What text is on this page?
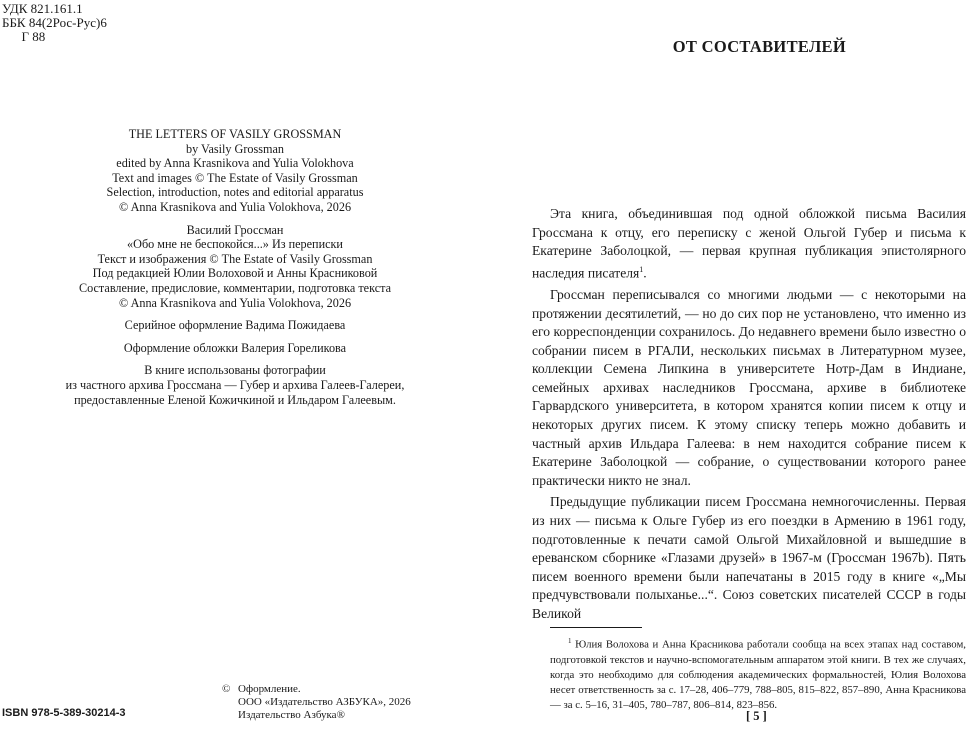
УДК 821.161.1
ББК 84(2Рос-Рус)6
Г 88
THE LETTERS OF VASILY GROSSMAN
by Vasily Grossman
edited by Anna Krasnikova and Yulia Volokhova
Text and images © The Estate of Vasily Grossman
Selection, introduction, notes and editorial apparatus
© Anna Krasnikova and Yulia Volokhova, 2026
Василий Гроссман
«Обо мне не беспокойся...» Из переписки
Текст и изображения © The Estate of Vasily Grossman
Под редакцией Юлии Волоховой и Анны Красниковой
Составление, предисловие, комментарии, подготовка текста
© Anna Krasnikova and Yulia Volokhova, 2026
Серийное оформление Вадима Пожидаева
Оформление обложки Валерия Гореликова
В книге использованы фотографии
из частного архива Гроссмана — Губер и архива Галеев-Галереи,
предоставленные Еленой Кожичкиной и Ильдаром Галеевым.
© Оформление.
ООО «Издательство АЗБУКА», 2026
Издательство Азбука®
ISBN 978-5-389-30214-3
ОТ СОСТАВИТЕЛЕЙ

Эта книга, объединившая под одной обложкой письма Василия Гроссмана к отцу, его переписку с женой Ольгой Губер и письма к Екатерине Заболоцкой, — первая крупная публикация эпистолярного наследия писателя$^1$.

Гроссман переписывался со многими людьми — с некоторыми на протяжении десятилетий, — но до сих пор не установлено, что именно из его корреспонденции сохранилось. До недавнего времени было известно о собрании писем в РГАЛИ, нескольких письмах в Литературном музее, коллекции Семена Липкина в университете Нотр-Дам в Индиане, семейных архивах наследников Гроссмана, архиве в библиотеке Гарвардского университета, в котором хранятся копии писем к отцу и некоторых других писем. К этому списку теперь можно добавить и частный архив Ильдара Галеева: в нем находится собрание писем к Екатерине Заболоцкой — собрание, о существовании которого ранее практически никто не знал.

Предыдущие публикации писем Гроссмана немногочисленны. Первая из них — письма к Ольге Губер из его поездки в Армению в 1961 году, подготовленные к печати самой Ольгой Михайловной и вышедшие в ереванском сборнике «Глазами друзей» в 1967-м (Гроссман 1967b). Пять писем военного времени были напечатаны в 2015 году в книге «„Мы предчувствовали полыханье...“. Союз советских писателей СССР в годы Великой

$^1$ Юлия Волохова и Анна Красникова работали сообща на всех этапах над составом, подготовкой текстов и научно-вспомогательным аппаратом этой книги. В тех же случаях, когда это необходимо для соблюдения академических формальностей, Юлия Волохова несет ответственность за с. 17–28, 406–779, 788–805, 815–822, 857–890, Анна Красникова — за с. 5–16, 31–405, 780–787, 806–814, 823–856.
[ 5 ]
